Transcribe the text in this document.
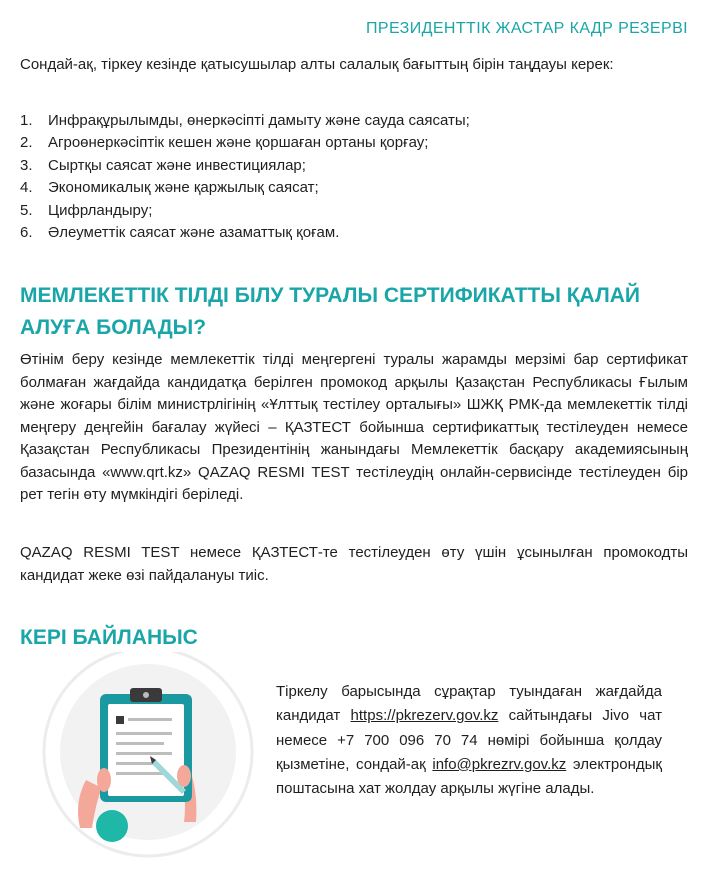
ПРЕЗИДЕНТТІК ЖАСТАР КАДР РЕЗЕРВІ

Сондай-ақ, тіркеу кезінде қатысушылар алты салалық бағыттың бірін таңдауы керек:

1.	Инфрақұрылымды, өнеркәсіпті дамыту және сауда саясаты;
2.	Агроөнеркәсіптік кешен және қоршаған ортаны қорғау;
3.	Сыртқы саясат және инвестициялар;
4.	Экономикалық және қаржылық саясат;
5.	Цифрландыру;
6.	Әлеуметтік саясат және азаматтық қоғам.
МЕМЛЕКЕТТІК ТІЛДІ БІЛУ ТУРАЛЫ СЕРТИФИКАТТЫ ҚАЛАЙ АЛУҒА БОЛАДЫ?

Өтінім беру кезінде мемлекеттік тілді меңгергені туралы жарамды мерзімі бар сертификат болмаған жағдайда кандидатқа берілген промокод арқылы Қазақстан Республикасы Ғылым және жоғары білім министрлігінің «Ұлттық тестілеу орталығы» ШЖҚ РМК-да мемлекеттік тілді меңгеру деңгейін бағалау жүйесі – ҚАЗТЕСТ бойынша сертификаттық тестілеуден немесе Қазақстан Республикасы Президентінің жанындағы Мемлекеттік басқару академиясының базасында «www.qrt.kz» QAZAQ RESMI TEST тестілеудің онлайн-сервисінде тестілеуден бір рет тегін өту мүмкіндігі беріледі.

QAZAQ RESMI TEST немесе ҚАЗТЕСТ-те тестілеуден өту үшін ұсынылған промокодты кандидат жеке өзі пайдалануы тиіс.

КЕРІ БАЙЛАНЫС

Тіркелу барысында сұрақтар туындаған жағдайда кандидат https://pkrezerv.gov.kz сайтындағы Jivo чат немесе +7 700 096 70 74 нөмірі бойынша қолдау қызметіне, сондай-ақ info@pkrezrv.gov.kz электрондық поштасына хат жолдау арқылы жүгіне алады.
